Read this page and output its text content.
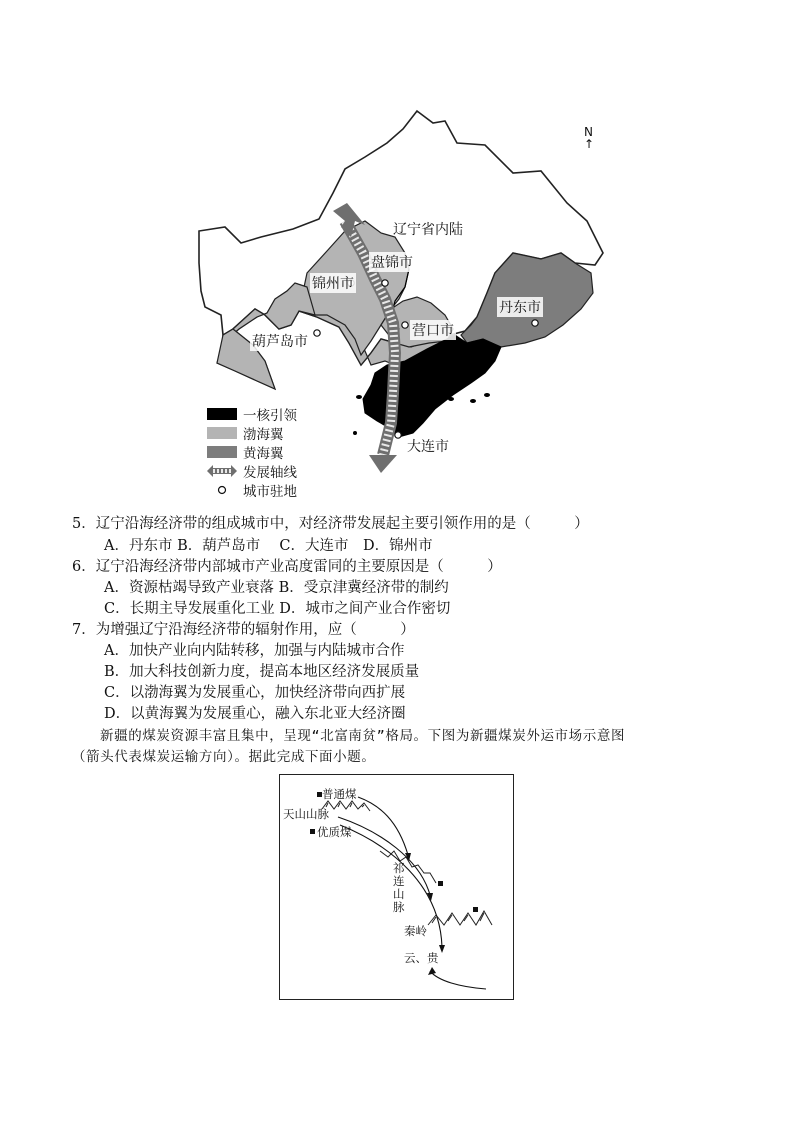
N
↑
辽宁省内陆
盘锦市
锦州市
营口市
丹东市
葫芦岛市
大连市
一核引领
渤海翼
黄海翼
发展轴线
城市驻地
5．辽宁沿海经济带的组成城市中，对经济带发展起主要引领作用的是（　　　）
A．丹东市 B．葫芦岛市　 C．大连市　D．锦州市
6．辽宁沿海经济带内部城市产业高度雷同的主要原因是（　　　）
A．资源枯竭导致产业衰落 B．受京津冀经济带的制约
C．长期主导发展重化工业 D．城市之间产业合作密切
7．为增强辽宁沿海经济带的辐射作用，应（　　　）
A．加快产业向内陆转移，加强与内陆城市合作
B．加大科技创新力度，提高本地区经济发展质量
C．以渤海翼为发展重心，加快经济带向西扩展
D．以黄海翼为发展重心，融入东北亚大经济圈
新疆的煤炭资源丰富且集中，呈现“北富南贫”格局。下图为新疆煤炭外运市场示意图
（箭头代表煤炭运输方向）。据此完成下面小题。
普通煤
天山山脉
优质煤
祁连山脉
秦岭
云、贵
